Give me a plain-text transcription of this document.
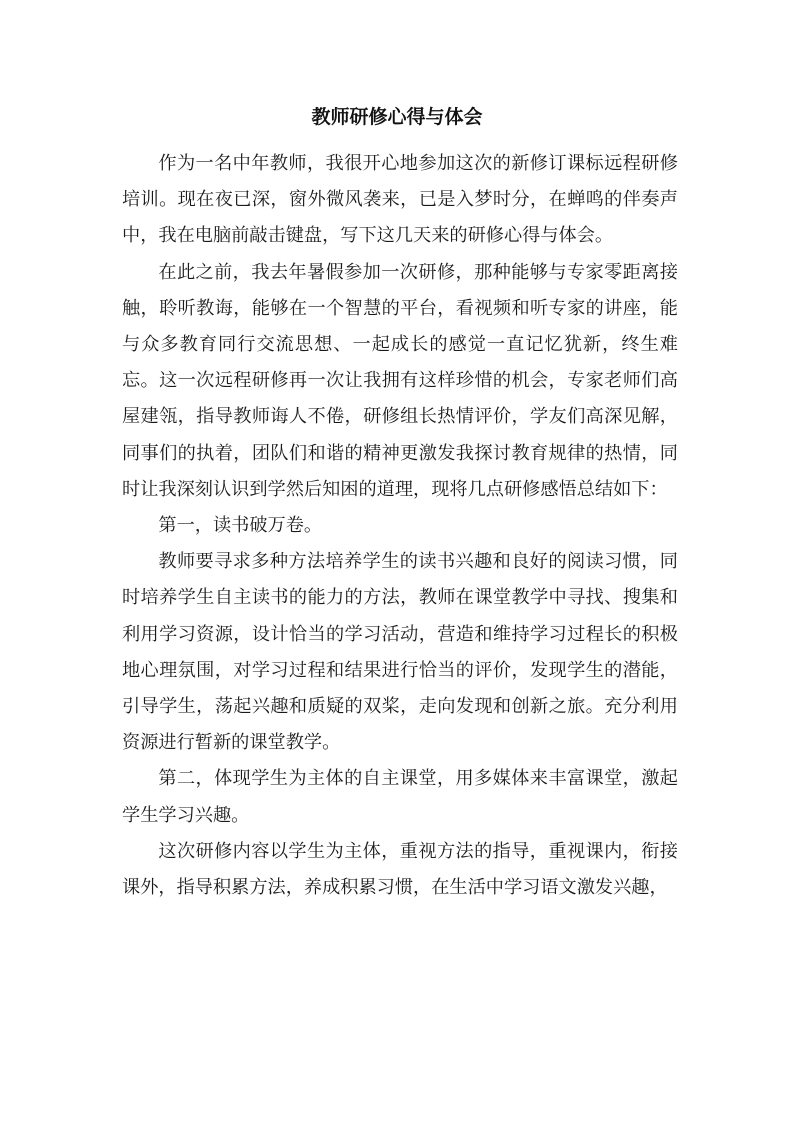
教师研修心得与体会

作为一名中年教师，我很开心地参加这次的新修订课标远程研修培训。现在夜已深，窗外微风袭来，已是入梦时分，在蝉鸣的伴奏声中，我在电脑前敲击键盘，写下这几天来的研修心得与体会。

在此之前，我去年暑假参加一次研修，那种能够与专家零距离接触，聆听教诲，能够在一个智慧的平台，看视频和听专家的讲座，能与众多教育同行交流思想、一起成长的感觉一直记忆犹新，终生难忘。这一次远程研修再一次让我拥有这样珍惜的机会，专家老师们高屋建瓴，指导教师诲人不倦，研修组长热情评价，学友们高深见解，同事们的执着，团队们和谐的精神更激发我探讨教育规律的热情，同时让我深刻认识到学然后知困的道理，现将几点研修感悟总结如下：

第一，读书破万卷。

教师要寻求多种方法培养学生的读书兴趣和良好的阅读习惯，同时培养学生自主读书的能力的方法，教师在课堂教学中寻找、搜集和利用学习资源，设计恰当的学习活动，营造和维持学习过程长的积极地心理氛围，对学习过程和结果进行恰当的评价，发现学生的潜能，引导学生，荡起兴趣和质疑的双桨，走向发现和创新之旅。充分利用资源进行暂新的课堂教学。

第二，体现学生为主体的自主课堂，用多媒体来丰富课堂，激起学生学习兴趣。

这次研修内容以学生为主体，重视方法的指导，重视课内，衔接课外，指导积累方法，养成积累习惯，在生活中学习语文激发兴趣，
